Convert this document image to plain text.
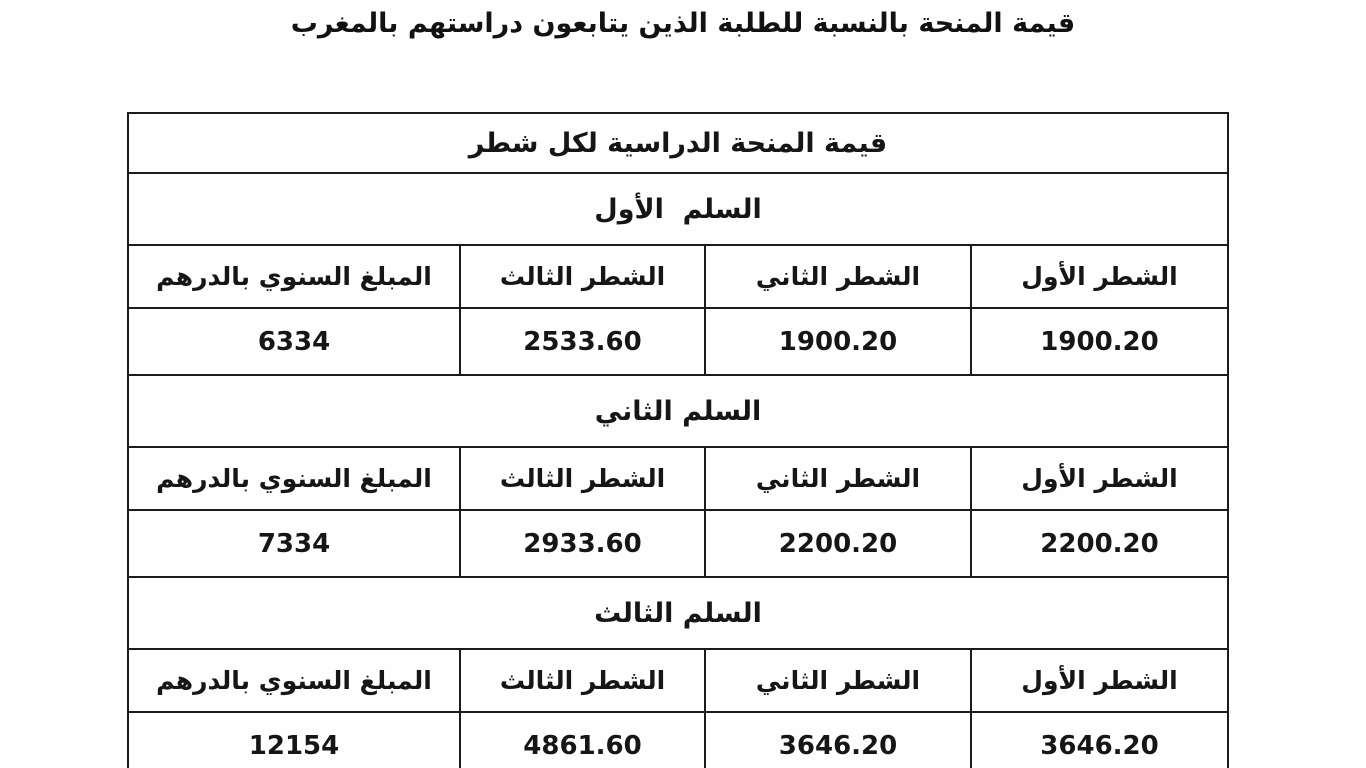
قيمة المنحة بالنسبة للطلبة الذين يتابعون دراستهم بالمغرب
قيمة المنحة الدراسية لكل شطر			
السلم  الأول			
الشطر الأول	الشطر الثاني	الشطر الثالث	المبلغ السنوي بالدرهم
1900.20	1900.20	2533.60	6334
السلم الثاني			
الشطر الأول	الشطر الثاني	الشطر الثالث	المبلغ السنوي بالدرهم
2200.20	2200.20	2933.60	7334
السلم الثالث			
الشطر الأول	الشطر الثاني	الشطر الثالث	المبلغ السنوي بالدرهم
3646.20	3646.20	4861.60	12154
